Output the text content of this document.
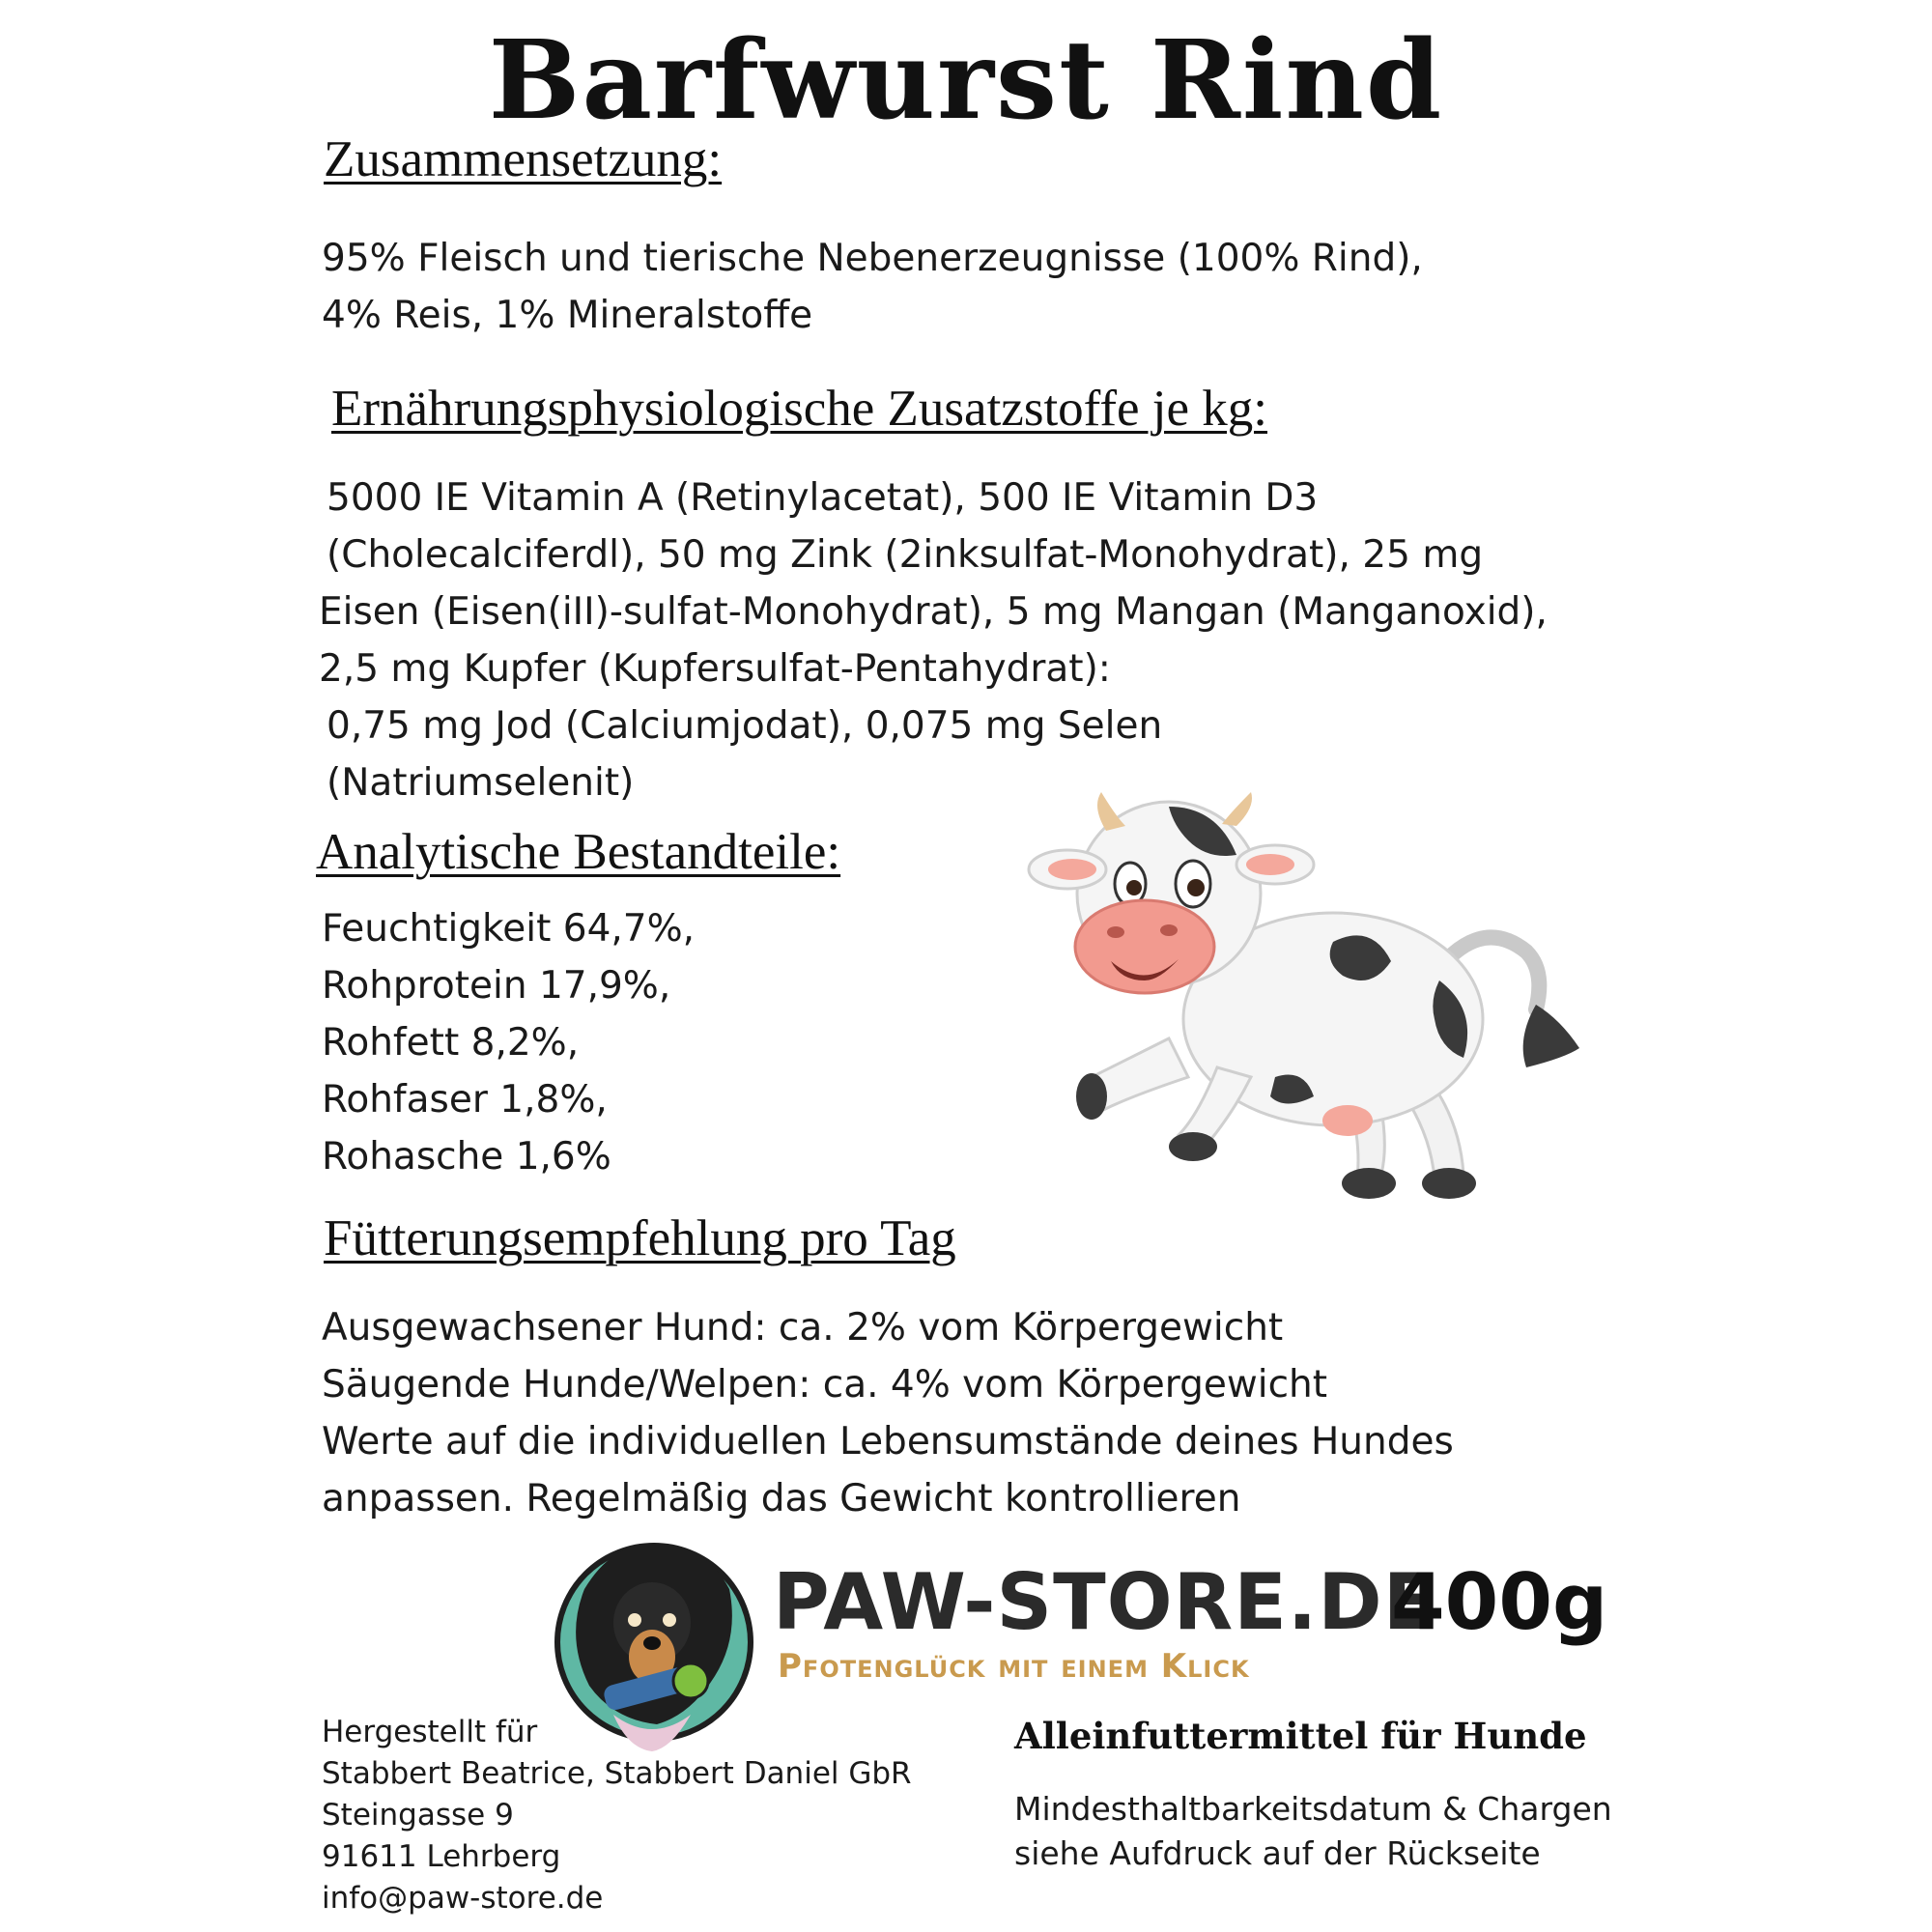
Barfwurst Rind
Zusammensetzung:
95% Fleisch und tierische Nebenerzeugnisse (100% Rind),
4% Reis, 1% Mineralstoffe
Ernährungsphysiologische Zusatzstoffe je kg:
5000 IE Vitamin A (Retinylacetat), 500 IE Vitamin D3
(Cholecalciferdl), 50 mg Zink (2inksulfat-Monohydrat), 25 mg
Eisen (Eisen(iII)-sulfat-Monohydrat), 5 mg Mangan (Manganoxid),
2,5 mg Kupfer (Kupfersulfat-Pentahydrat):
0,75 mg Jod (Calciumjodat), 0,075 mg Selen
(Natriumselenit)
Analytische Bestandteile:
Feuchtigkeit 64,7%,
Rohprotein 17,9%,
Rohfett 8,2%,
Rohfaser 1,8%,
Rohasche 1,6%
Fütterungsempfehlung pro Tag
Ausgewachsener Hund: ca. 2% vom Körpergewicht
Säugende Hunde/Welpen: ca. 4% vom Körpergewicht
Werte auf die individuellen Lebensumstände deines Hundes
anpassen. Regelmäßig das Gewicht kontrollieren
PAW-STORE.DE
Pfotenglück mit einem Klick
400g
Hergestellt für
Stabbert Beatrice, Stabbert Daniel GbR
Steingasse 9
91611 Lehrberg
info@paw-store.de
Alleinfuttermittel für Hunde
Mindesthaltbarkeitsdatum & Chargen
siehe Aufdruck auf der Rückseite
